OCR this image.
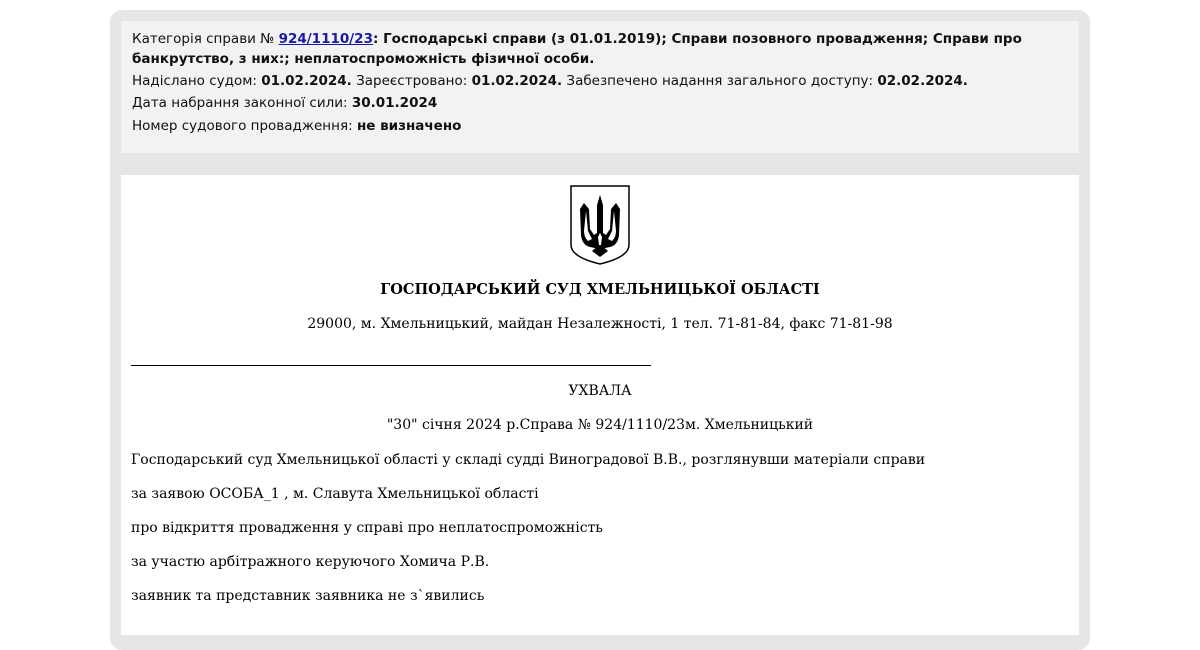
Категорія справи № 924/1110/23: Господарські справи (з 01.01.2019); Справи позовного провадження; Справи про
банкрутство, з них:; неплатоспроможність фізичної особи.
Надіслано судом: 01.02.2024. Зареєстровано: 01.02.2024. Забезпечено надання загального доступу: 02.02.2024.
Дата набрання законної сили: 30.01.2024
Номер судового провадження: не визначено
ГОСПОДАРСЬКИЙ СУД ХМЕЛЬНИЦЬКОЇ ОБЛАСТІ
29000, м. Хмельницький, майдан Незалежності, 1 тел. 71-81-84, факс 71-81-98
УХВАЛА
"30" січня 2024 р.Справа № 924/1110/23м. Хмельницький
Господарський суд Хмельницької області у складі судді Виноградової В.В., розглянувши матеріали справи
за заявою ОСОБА_1 , м. Славута Хмельницької області
про відкриття провадження у справі про неплатоспроможність
за участю арбітражного керуючого Хомича Р.В.
заявник та представник заявника не з`явились
